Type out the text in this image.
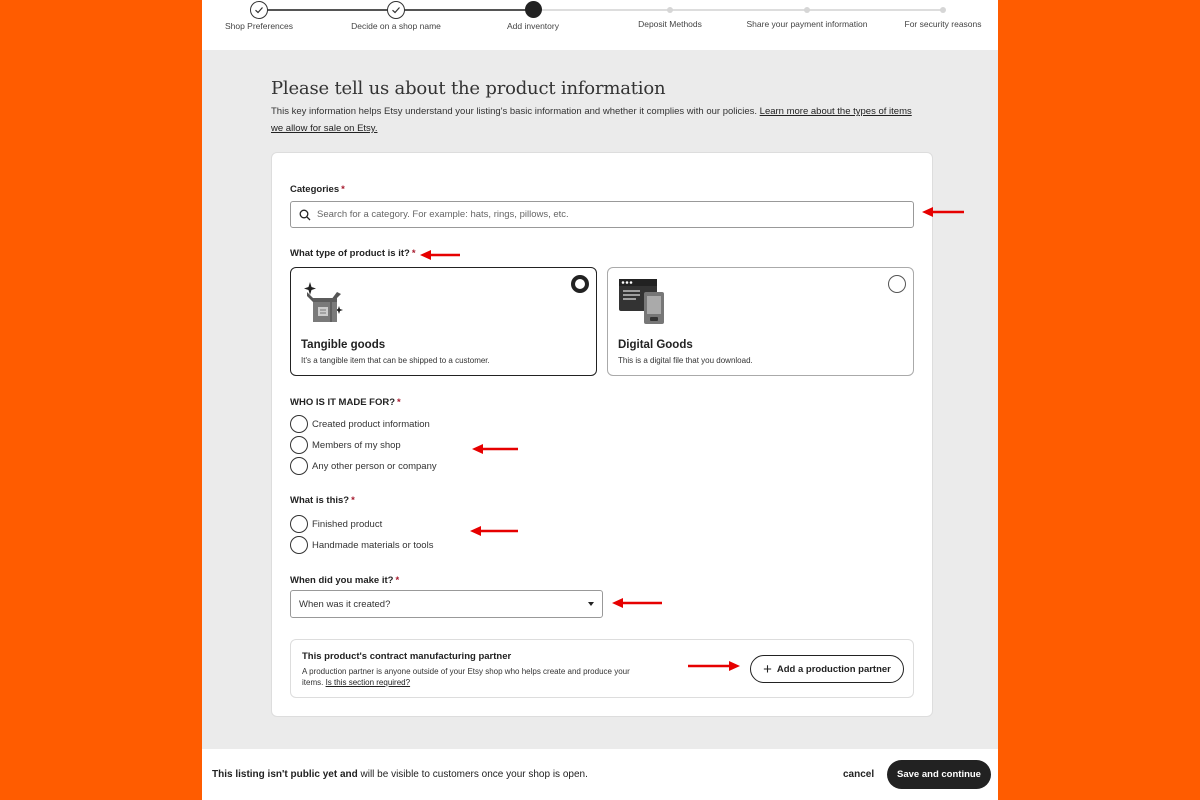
Shop Preferences	Decide on a shop name	Add inventory	Deposit Methods	Share your payment information	For security reasons
Please tell us about the product information
This key information helps Etsy understand your listing's basic information and whether it complies with our policies. Learn more about the types of items we allow for sale on Etsy.
Categories *
Search for a category. For example: hats, rings, pillows, etc.
What type of product is it? *
Tangible goods
It's a tangible item that can be shipped to a customer.
Digital Goods
This is a digital file that you download.
WHO IS IT MADE FOR? *
Created product information
Members of my shop
Any other person or company
What is this? *
Finished product
Handmade materials or tools
When did you make it? *
When was it created?
This product's contract manufacturing partner
A production partner is anyone outside of your Etsy shop who helps create and produce your items. Is this section required?
+ Add a production partner
This listing isn't public yet and will be visible to customers once your shop is open.	cancel	Save and continue
